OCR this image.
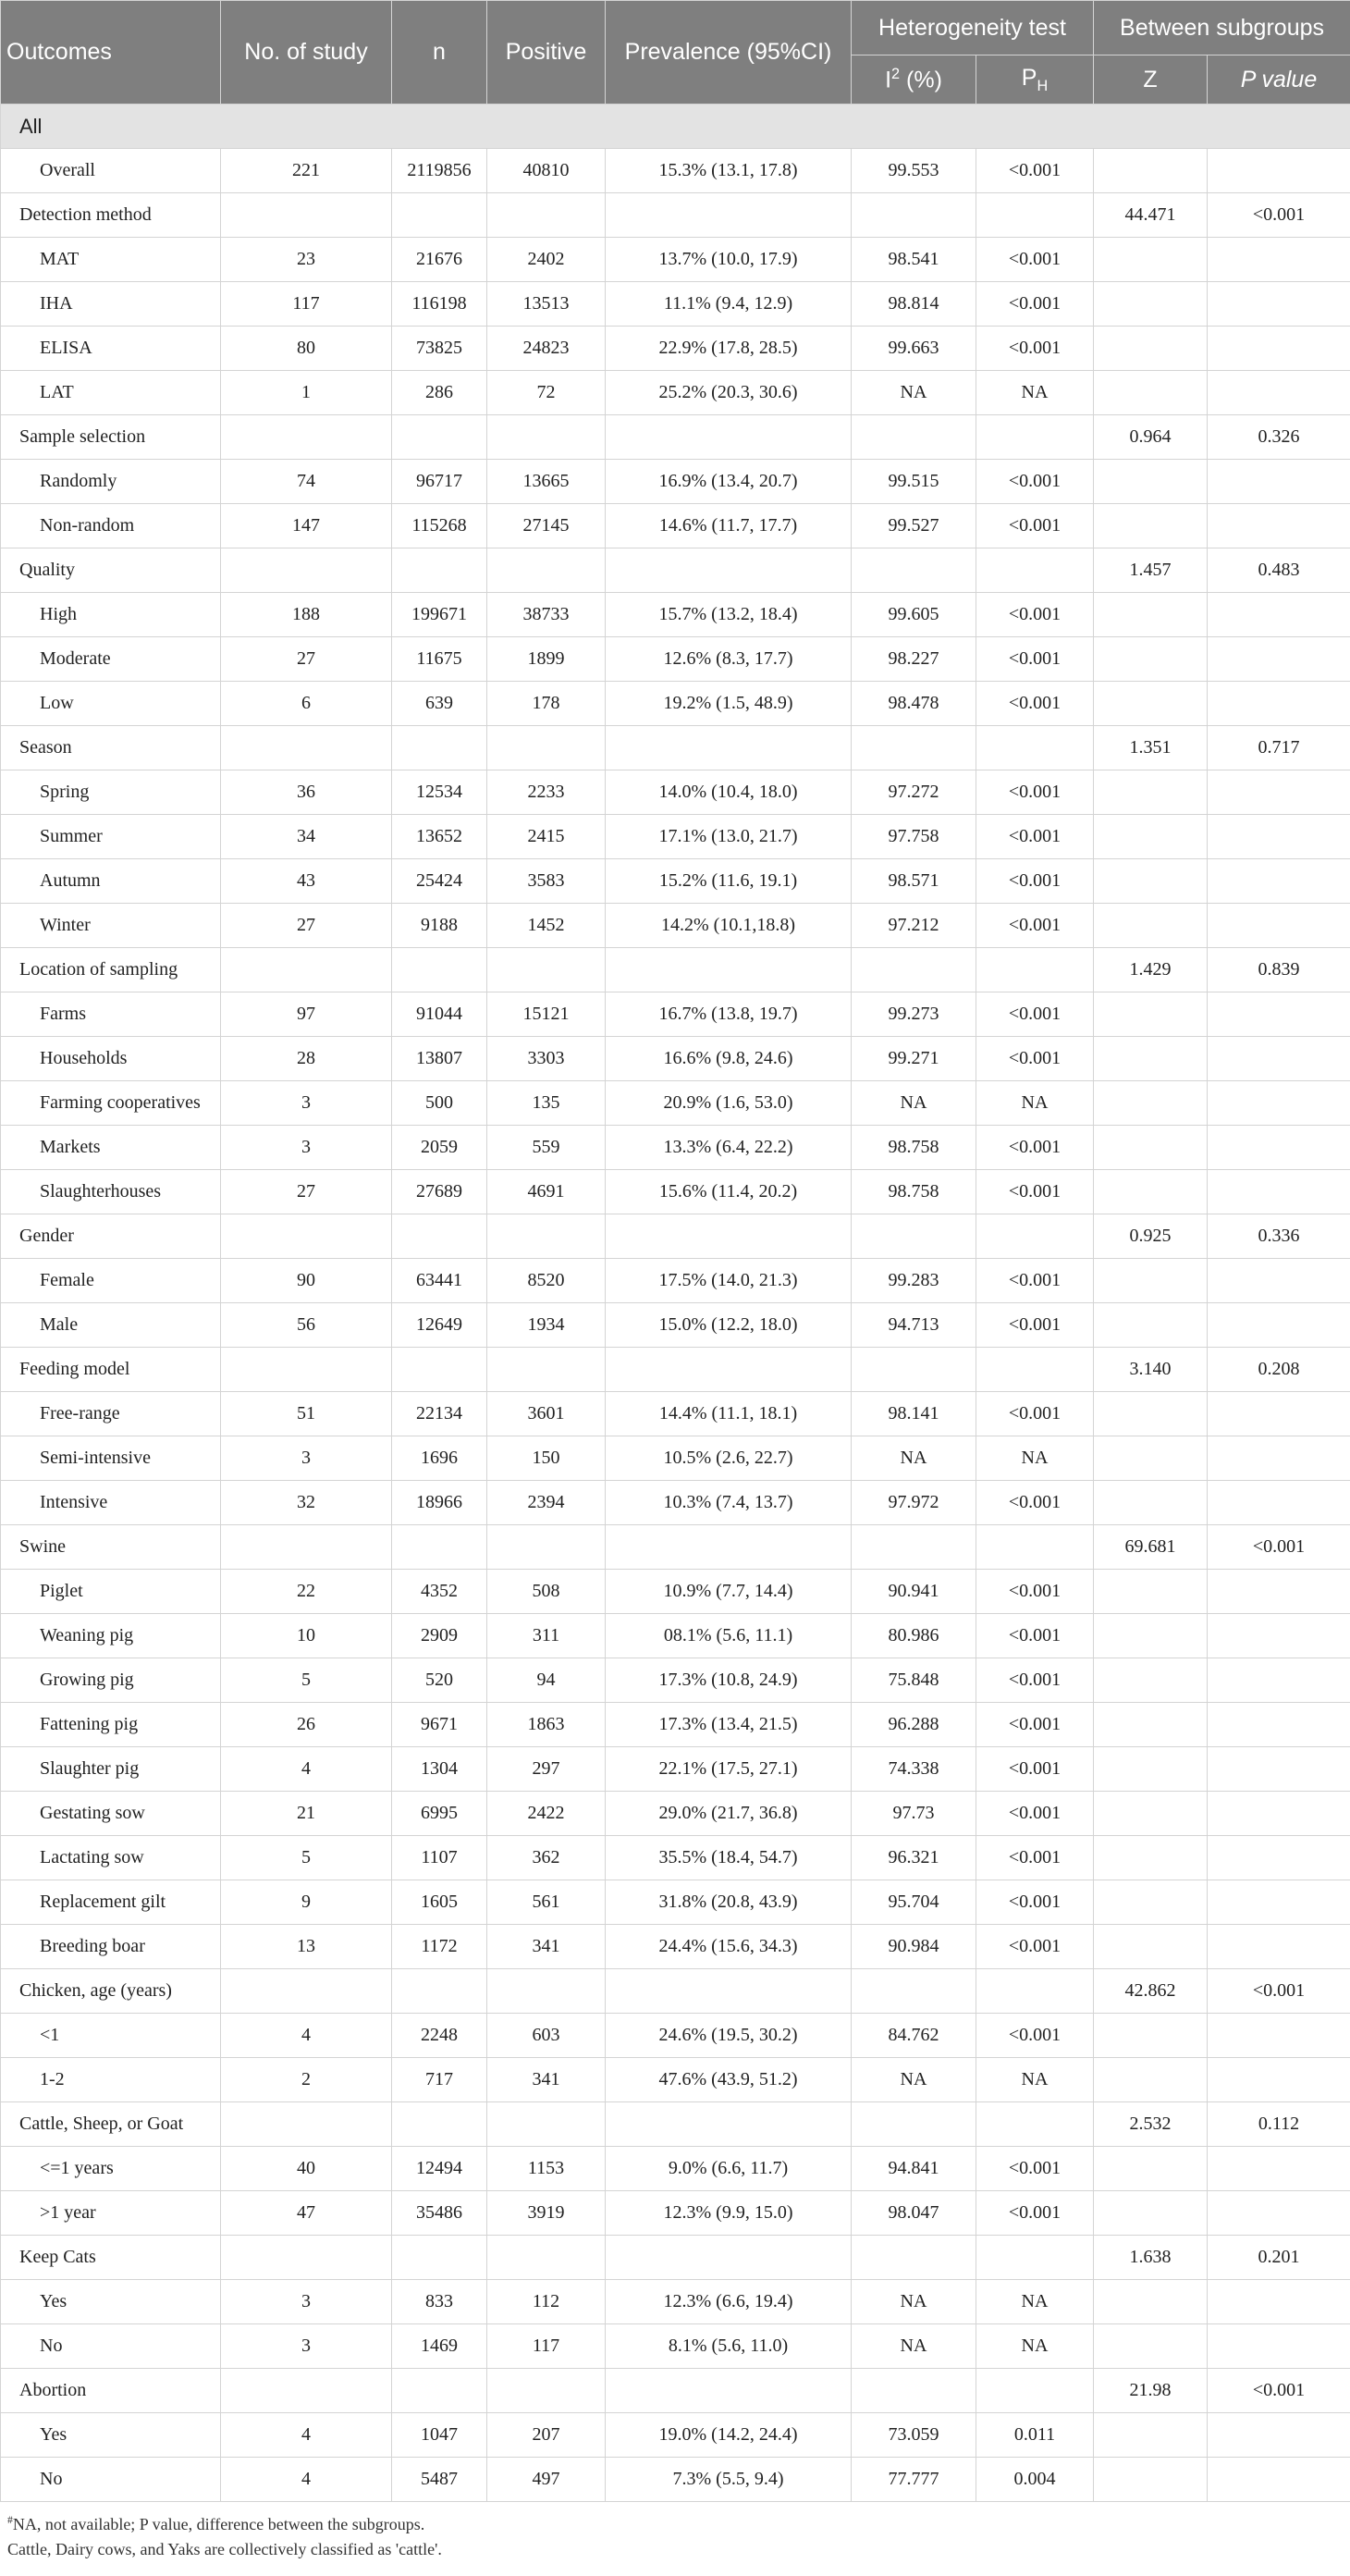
Outcomes	No. of study	n	Positive	Prevalence (95%CI)	Heterogeneity test		Between subgroups	
					$I^2$ (%)	$P_H$	Z	P value
All								
Overall	221	2119856	40810	15.3% (13.1, 17.8)	99.553	<0.001		
Detection method							44.471	<0.001
MAT	23	21676	2402	13.7% (10.0, 17.9)	98.541	<0.001		
IHA	117	116198	13513	11.1% (9.4, 12.9)	98.814	<0.001		
ELISA	80	73825	24823	22.9% (17.8, 28.5)	99.663	<0.001		
LAT	1	286	72	25.2% (20.3, 30.6)	NA	NA		
Sample selection							0.964	0.326
Randomly	74	96717	13665	16.9% (13.4, 20.7)	99.515	<0.001		
Non-random	147	115268	27145	14.6% (11.7, 17.7)	99.527	<0.001		
Quality							1.457	0.483
High	188	199671	38733	15.7% (13.2, 18.4)	99.605	<0.001		
Moderate	27	11675	1899	12.6% (8.3, 17.7)	98.227	<0.001		
Low	6	639	178	19.2% (1.5, 48.9)	98.478	<0.001		
Season							1.351	0.717
Spring	36	12534	2233	14.0% (10.4, 18.0)	97.272	<0.001		
Summer	34	13652	2415	17.1% (13.0, 21.7)	97.758	<0.001		
Autumn	43	25424	3583	15.2% (11.6, 19.1)	98.571	<0.001		
Winter	27	9188	1452	14.2% (10.1,18.8)	97.212	<0.001		
Location of sampling							1.429	0.839
Farms	97	91044	15121	16.7% (13.8, 19.7)	99.273	<0.001		
Households	28	13807	3303	16.6% (9.8, 24.6)	99.271	<0.001		
Farming cooperatives	3	500	135	20.9% (1.6, 53.0)	NA	NA		
Markets	3	2059	559	13.3% (6.4, 22.2)	98.758	<0.001		
Slaughterhouses	27	27689	4691	15.6% (11.4, 20.2)	98.758	<0.001		
Gender							0.925	0.336
Female	90	63441	8520	17.5% (14.0, 21.3)	99.283	<0.001		
Male	56	12649	1934	15.0% (12.2, 18.0)	94.713	<0.001		
Feeding model							3.140	0.208
Free-range	51	22134	3601	14.4% (11.1, 18.1)	98.141	<0.001		
Semi-intensive	3	1696	150	10.5% (2.6, 22.7)	NA	NA		
Intensive	32	18966	2394	10.3% (7.4, 13.7)	97.972	<0.001		
Swine							69.681	<0.001
Piglet	22	4352	508	10.9% (7.7, 14.4)	90.941	<0.001		
Weaning pig	10	2909	311	08.1% (5.6, 11.1)	80.986	<0.001		
Growing pig	5	520	94	17.3% (10.8, 24.9)	75.848	<0.001		
Fattening pig	26	9671	1863	17.3% (13.4, 21.5)	96.288	<0.001		
Slaughter pig	4	1304	297	22.1% (17.5, 27.1)	74.338	<0.001		
Gestating sow	21	6995	2422	29.0% (21.7, 36.8)	97.73	<0.001		
Lactating sow	5	1107	362	35.5% (18.4, 54.7)	96.321	<0.001		
Replacement gilt	9	1605	561	31.8% (20.8, 43.9)	95.704	<0.001		
Breeding boar	13	1172	341	24.4% (15.6, 34.3)	90.984	<0.001		
Chicken, age (years)							42.862	<0.001
<1	4	2248	603	24.6% (19.5, 30.2)	84.762	<0.001		
1-2	2	717	341	47.6% (43.9, 51.2)	NA	NA		
Cattle, Sheep, or Goat							2.532	0.112
<=1 years	40	12494	1153	9.0% (6.6, 11.7)	94.841	<0.001		
>1 year	47	35486	3919	12.3% (9.9, 15.0)	98.047	<0.001		
Keep Cats							1.638	0.201
Yes	3	833	112	12.3% (6.6, 19.4)	NA	NA		
No	3	1469	117	8.1% (5.6, 11.0)	NA	NA		
Abortion							21.98	<0.001
Yes	4	1047	207	19.0% (14.2, 24.4)	73.059	0.011		
No	4	5487	497	7.3% (5.5, 9.4)	77.777	0.004		
#NA, not available; P value, difference between the subgroups.
Cattle, Dairy cows, and Yaks are collectively classified as 'cattle'.
